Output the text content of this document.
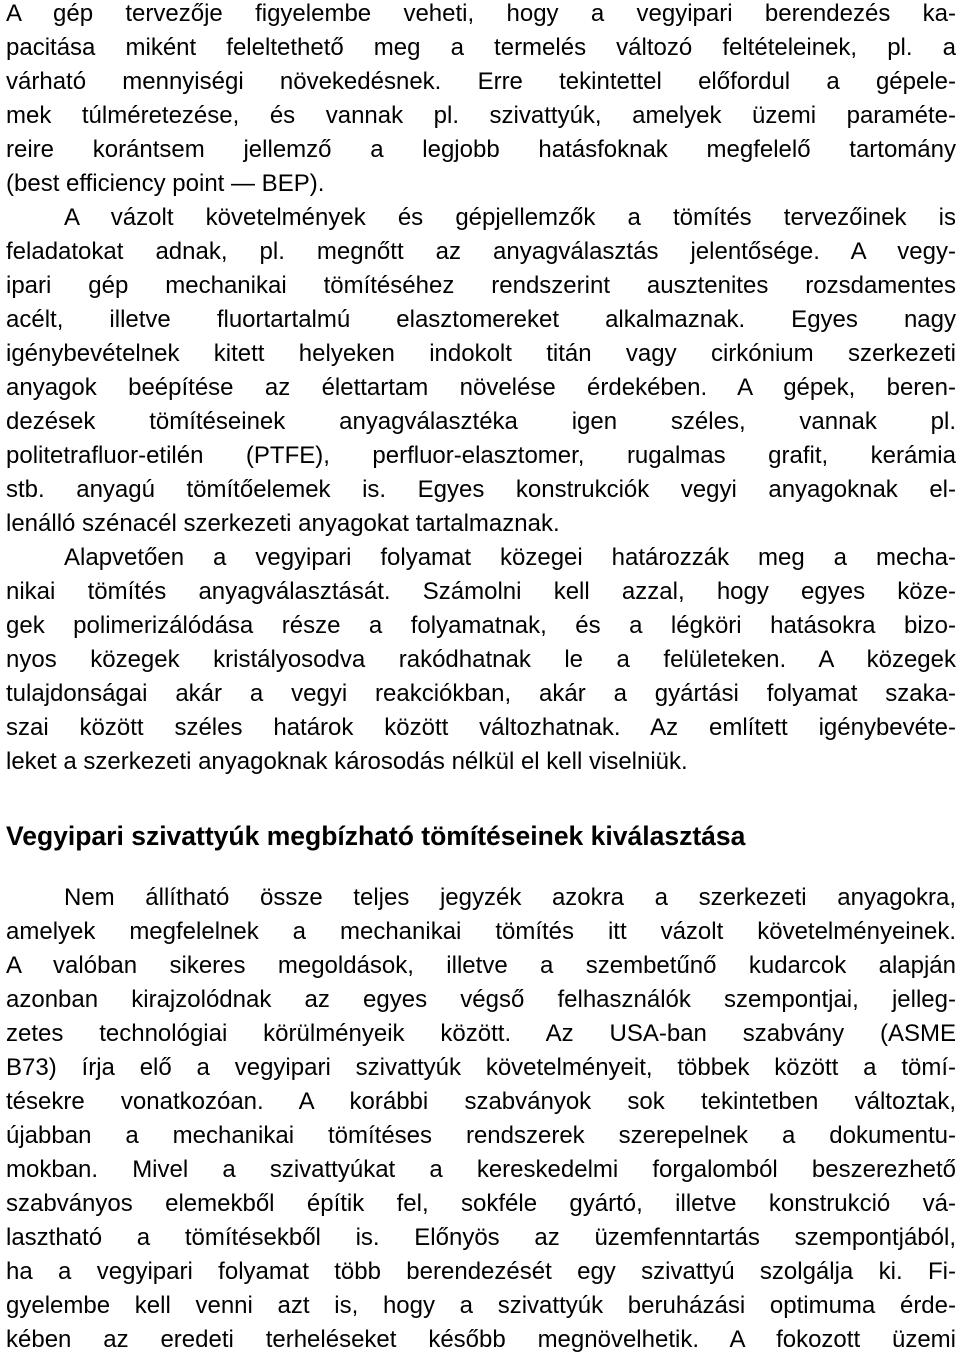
A gép tervezője figyelembe veheti, hogy a vegyipari berendezés ka-
pacitása miként feleltethető meg a termelés változó feltételeinek, pl. a
várható mennyiségi növekedésnek. Erre tekintettel előfordul a gépele-
mek túlméretezése, és vannak pl. szivattyúk, amelyek üzemi paraméte-
reire korántsem jellemző a legjobb hatásfoknak megfelelő tartomány
(best efficiency point — BEP).
A vázolt követelmények és gépjellemzők a tömítés tervezőinek is
feladatokat adnak, pl. megnőtt az anyagválasztás jelentősége. A vegy-
ipari gép mechanikai tömítéséhez rendszerint ausztenites rozsdamentes
acélt, illetve fluortartalmú elasztomereket alkalmaznak. Egyes nagy
igénybevételnek kitett helyeken indokolt titán vagy cirkónium szerkezeti
anyagok beépítése az élettartam növelése érdekében. A gépek, beren-
dezések tömítéseinek anyagválasztéka igen széles, vannak pl.
politetrafluor-etilén (PTFE), perfluor-elasztomer, rugalmas grafit, kerámia
stb. anyagú tömítőelemek is. Egyes konstrukciók vegyi anyagoknak el-
lenálló szénacél szerkezeti anyagokat tartalmaznak.
Alapvetően a vegyipari folyamat közegei határozzák meg a mecha-
nikai tömítés anyagválasztását. Számolni kell azzal, hogy egyes köze-
gek polimerizálódása része a folyamatnak, és a légköri hatásokra bizo-
nyos közegek kristályosodva rakódhatnak le a felületeken. A közegek
tulajdonságai akár a vegyi reakciókban, akár a gyártási folyamat szaka-
szai között széles határok között változhatnak. Az említett igénybevéte-
leket a szerkezeti anyagoknak károsodás nélkül el kell viselniük.
Vegyipari szivattyúk megbízható tömítéseinek kiválasztása
Nem állítható össze teljes jegyzék azokra a szerkezeti anyagokra,
amelyek megfelelnek a mechanikai tömítés itt vázolt követelményeinek.
A valóban sikeres megoldások, illetve a szembetűnő kudarcok alapján
azonban kirajzolódnak az egyes végső felhasználók szempontjai, jelleg-
zetes technológiai körülményeik között. Az USA-ban szabvány (ASME
B73) írja elő a vegyipari szivattyúk követelményeit, többek között a tömí-
tésekre vonatkozóan. A korábbi szabványok sok tekintetben változtak,
újabban a mechanikai tömítéses rendszerek szerepelnek a dokumentu-
mokban. Mivel a szivattyúkat a kereskedelmi forgalomból beszerezhető
szabványos elemekből építik fel, sokféle gyártó, illetve konstrukció vá-
lasztható a tömítésekből is. Előnyös az üzemfenntartás szempontjából,
ha a vegyipari folyamat több berendezését egy szivattyú szolgálja ki. Fi-
gyelembe kell venni azt is, hogy a szivattyúk beruházási optimuma érde-
kében az eredeti terheléseket később megnövelhetik. A fokozott üzemi
